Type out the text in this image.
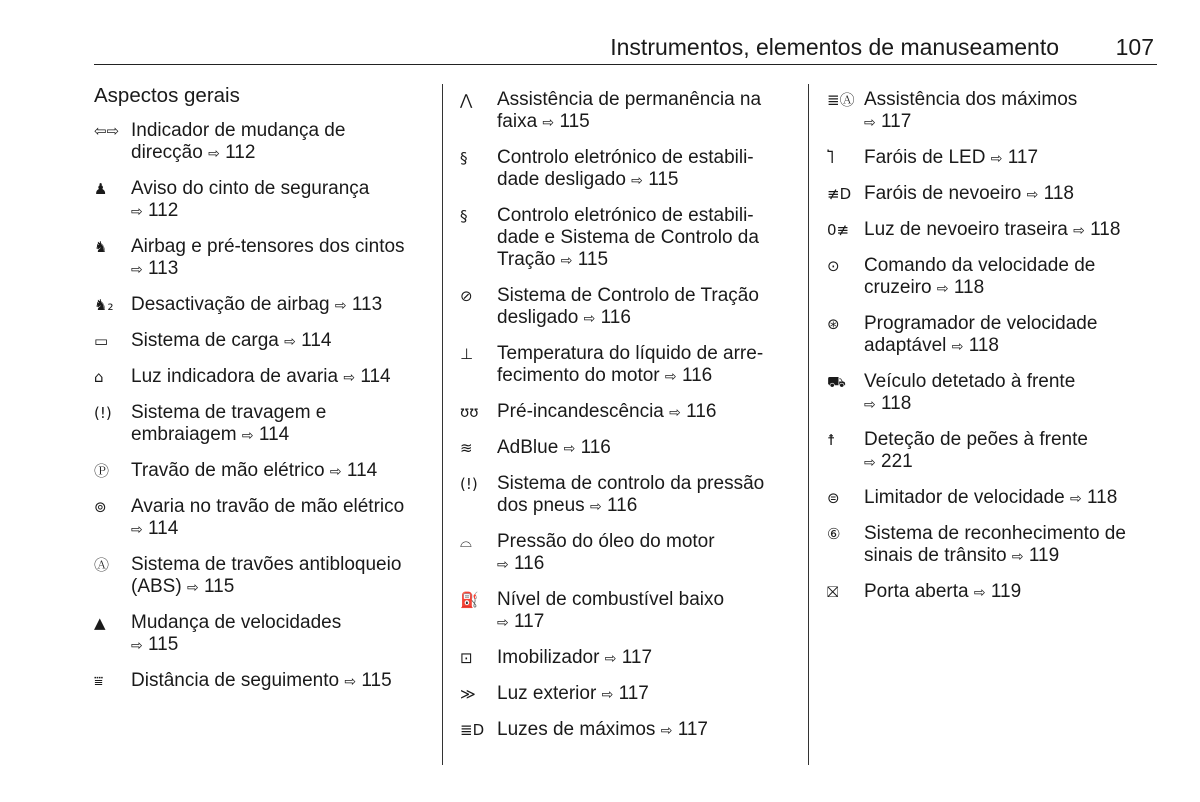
Instrumentos, elementos de manuseamento 107
Aspectos gerais
⇦⇨ Indicador de mudança de
direcção ⇨ 112
♟	Aviso do cinto de segurança
⇨ 112
♞	Airbag e pré-tensores dos cintos
⇨ 113
♞₂ Desactivação de airbag ⇨ 113
▭	Sistema de carga ⇨ 114
⌂	Luz indicadora de avaria ⇨ 114
(!)	Sistema de travagem e
embraiagem ⇨ 114
Ⓟ	Travão de mão elétrico ⇨ 114
⊚	Avaria no travão de mão elétrico
⇨ 114
Ⓐ	Sistema de travões antibloqueio
(ABS) ⇨ 115
▲	Mudança de velocidades
⇨ 115
⩸	Distância de seguimento ⇨ 115
⋀	Assistência de permanência na
faixa ⇨ 115
§	Controlo eletrónico de estabili-
dade desligado ⇨ 115
§	Controlo eletrónico de estabili-
dade e Sistema de Controlo da
Tração ⇨ 115
⊘	Sistema de Controlo de Tração
desligado ⇨ 116
⊥	Temperatura do líquido de arre-
fecimento do motor ⇨ 116
ʊʊ Pré-incandescência ⇨ 116
≋	AdBlue ⇨ 116
(!)	Sistema de controlo da pressão
dos pneus ⇨ 116
⌓	Pressão do óleo do motor
⇨ 116
⛽ Nível de combustível baixo
⇨ 117
⊡	Imobilizador ⇨ 117
≫	Luz exterior ⇨ 117
≣D Luzes de máximos ⇨ 117
≣Ⓐ Assistência dos máximos
⇨ 117
Ⴈ	Faróis de LED ⇨ 117
≢D Faróis de nevoeiro ⇨ 118
0≢ Luz de nevoeiro traseira ⇨ 118
⊙	Comando da velocidade de
cruzeiro ⇨ 118
⊛	Programador de velocidade
adaptável ⇨ 118
⛟ Veículo detetado à frente
⇨ 118
☨	Deteção de peões à frente
⇨ 221
⊜	Limitador de velocidade ⇨ 118
⑥	Sistema de reconhecimento de
sinais de trânsito ⇨ 119
⛝	Porta aberta ⇨ 119
